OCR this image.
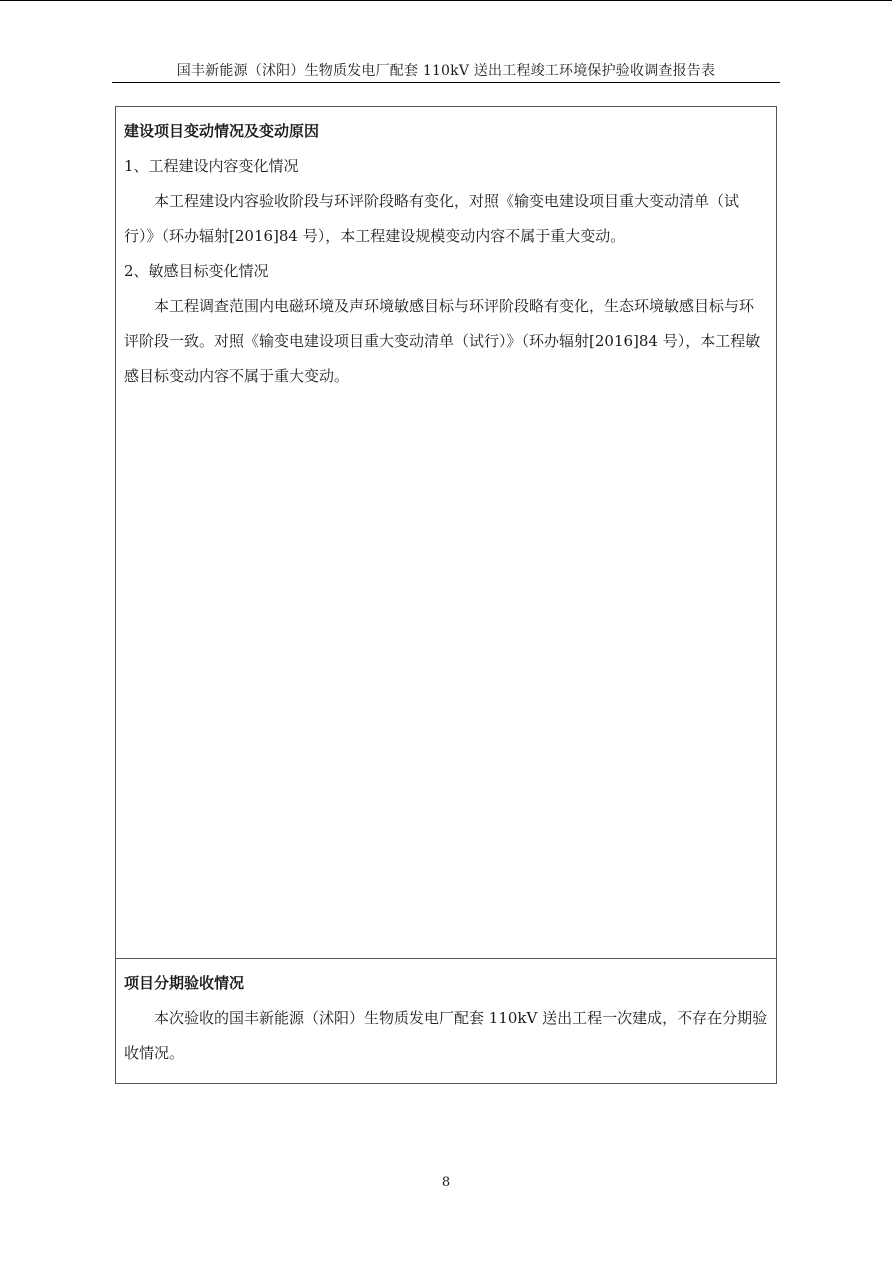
国丰新能源（沭阳）生物质发电厂配套 110kV 送出工程竣工环境保护验收调查报告表

建设项目变动情况及变动原因

1、工程建设内容变化情况

本工程建设内容验收阶段与环评阶段略有变化，对照《输变电建设项目重大变动清单（试行）》（环办辐射[2016]84 号），本工程建设规模变动内容不属于重大变动。

2、敏感目标变化情况

本工程调查范围内电磁环境及声环境敏感目标与环评阶段略有变化，生态环境敏感目标与环评阶段一致。对照《输变电建设项目重大变动清单（试行）》（环办辐射[2016]84 号），本工程敏感目标变动内容不属于重大变动。

项目分期验收情况

本次验收的国丰新能源（沭阳）生物质发电厂配套 110kV 送出工程一次建成，不存在分期验收情况。

8
